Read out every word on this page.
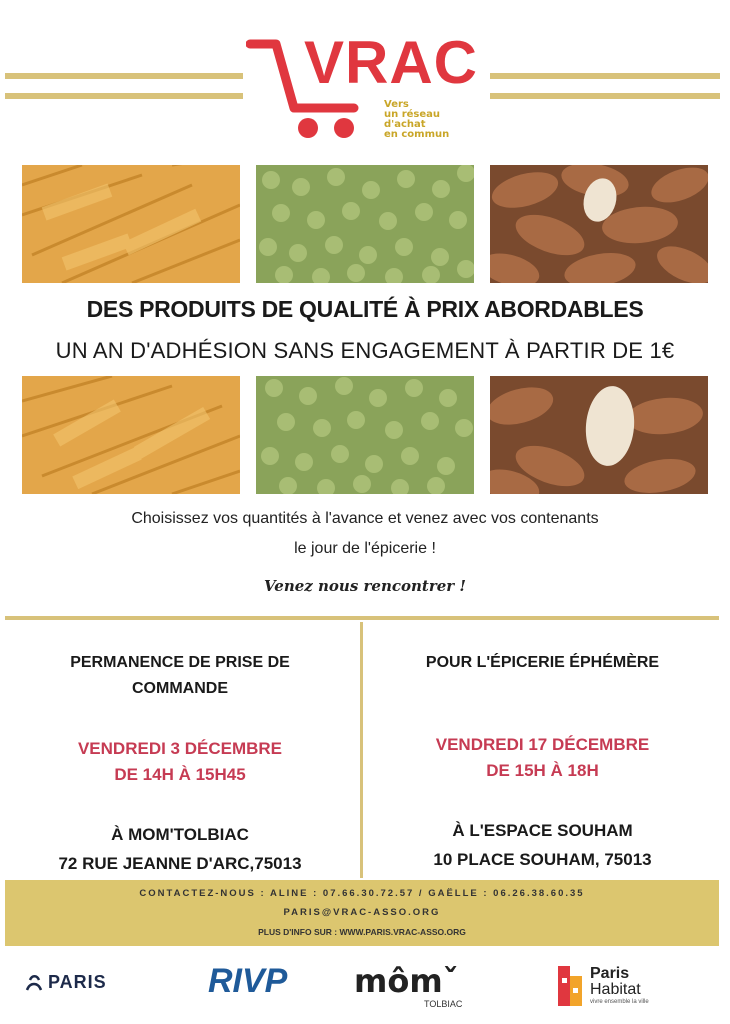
VRAC
Vers
un réseau
d'achat
en commun
DES PRODUITS DE QUALITÉ À PRIX ABORDABLES
UN AN D'ADHÉSION SANS ENGAGEMENT À PARTIR DE 1€
Choisissez vos quantités à l'avance et venez avec vos contenants
le jour de l'épicerie !
Venez nous rencontrer !
PERMANENCE DE PRISE DE
COMMANDE
VENDREDI 3 DÉCEMBRE
DE 14H À 15H45
À MOM'TOLBIAC
72 RUE JEANNE D'ARC,75013
POUR L'ÉPICERIE ÉPHÉMÈRE
VENDREDI 17 DÉCEMBRE
DE 15H À 18H
À L'ESPACE SOUHAM
10 PLACE SOUHAM, 75013
CONTACTEZ-NOUS : ALINE : 07.66.30.72.57 / GAËLLE : 06.26.38.60.35
PARIS@VRAC-ASSO.ORG
PLUS D'INFO SUR : WWW.PARIS.VRAC-ASSO.ORG
PARIS	RIVP mômˇ
TOLBIAC
Paris
Habitat
vivre ensemble la ville
